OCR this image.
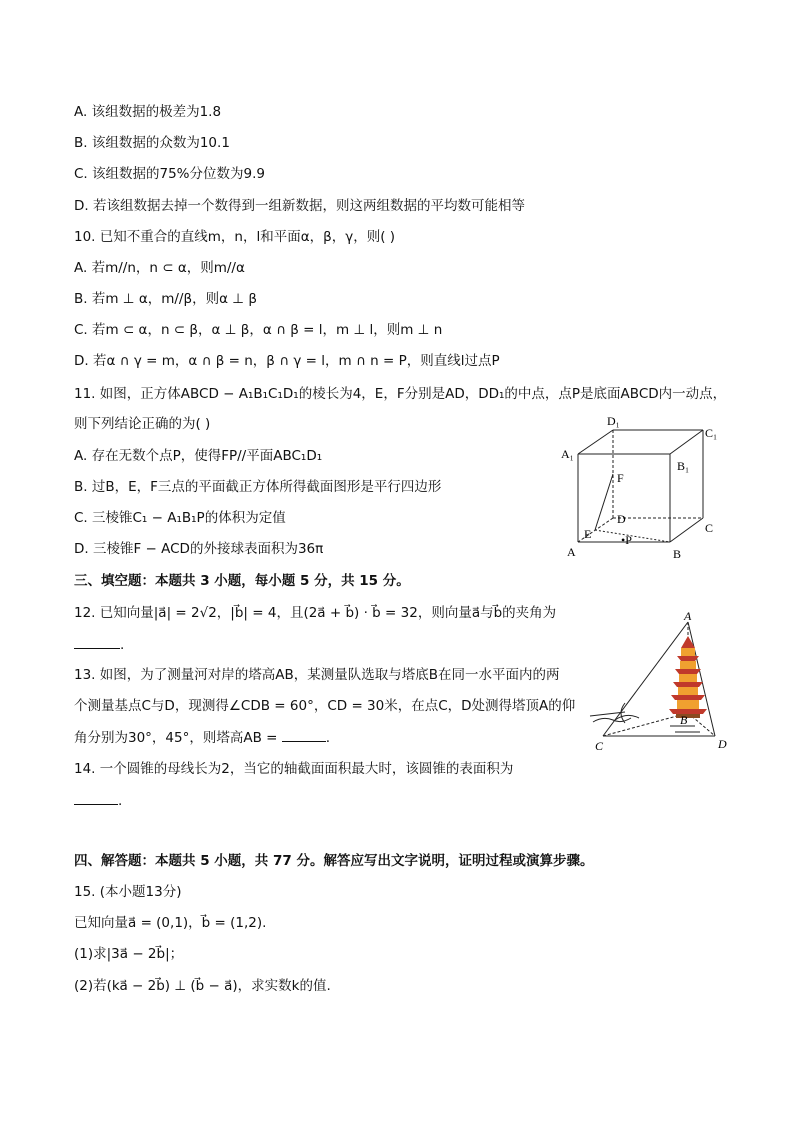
A. 该组数据的极差为1.8
B. 该组数据的众数为10.1
C. 该组数据的75%分位数为9.9
D. 若该组数据去掉一个数得到一组新数据，则这两组数据的平均数可能相等
10. 已知不重合的直线m，n，l和平面α，β，γ，则( )
A. 若m//n，n ⊂ α，则m//α
B. 若m ⊥ α，m//β，则α ⊥ β
C. 若m ⊂ α，n ⊂ β，α ⊥ β，α ∩ β = l，m ⊥ l，则m ⊥ n
D. 若α ∩ γ = m，α ∩ β = n，β ∩ γ = l，m ∩ n = P，则直线l过点P
11. 如图，正方体ABCD − A₁B₁C₁D₁的棱长为4，E，F分别是AD，DD₁的中点，点P是底面ABCD内一动点，
则下列结论正确的为( )
A. 存在无数个点P，使得FP//平面ABC₁D₁
B. 过B，E，F三点的平面截正方体所得截面图形是平行四边形
C. 三棱锥C₁ − A₁B₁P的体积为定值
D. 三棱锥F − ACD的外接球表面积为36π
D₁
C₁
A₁
B₁
F
D
C
E •P
A	B
三、填空题：本题共 3 小题，每小题 5 分，共 15 分。
12. 已知向量|a⃗| = 2√2，|b⃗| = 4，且(2a⃗ + b⃗) · b⃗ = 32，则向量a⃗与b⃗的夹角为
.
13. 如图，为了测量河对岸的塔高AB，某测量队选取与塔底B在同一水平面内的两
个测量基点C与D，现测得∠CDB = 60°，CD = 30米，在点C，D处测得塔顶A的仰
角分别为30°，45°，则塔高AB =	.
A
B
C	D
14. 一个圆锥的母线长为2，当它的轴截面面积最大时，该圆锥的表面积为
.
四、解答题：本题共 5 小题，共 77 分。解答应写出文字说明，证明过程或演算步骤。
15. (本小题13分)
已知向量a⃗ = (0,1)，b⃗ = (1,2).
(1)求|3a⃗ − 2b⃗|；
(2)若(ka⃗ − 2b⃗) ⊥ (b⃗ − a⃗)，求实数k的值.
